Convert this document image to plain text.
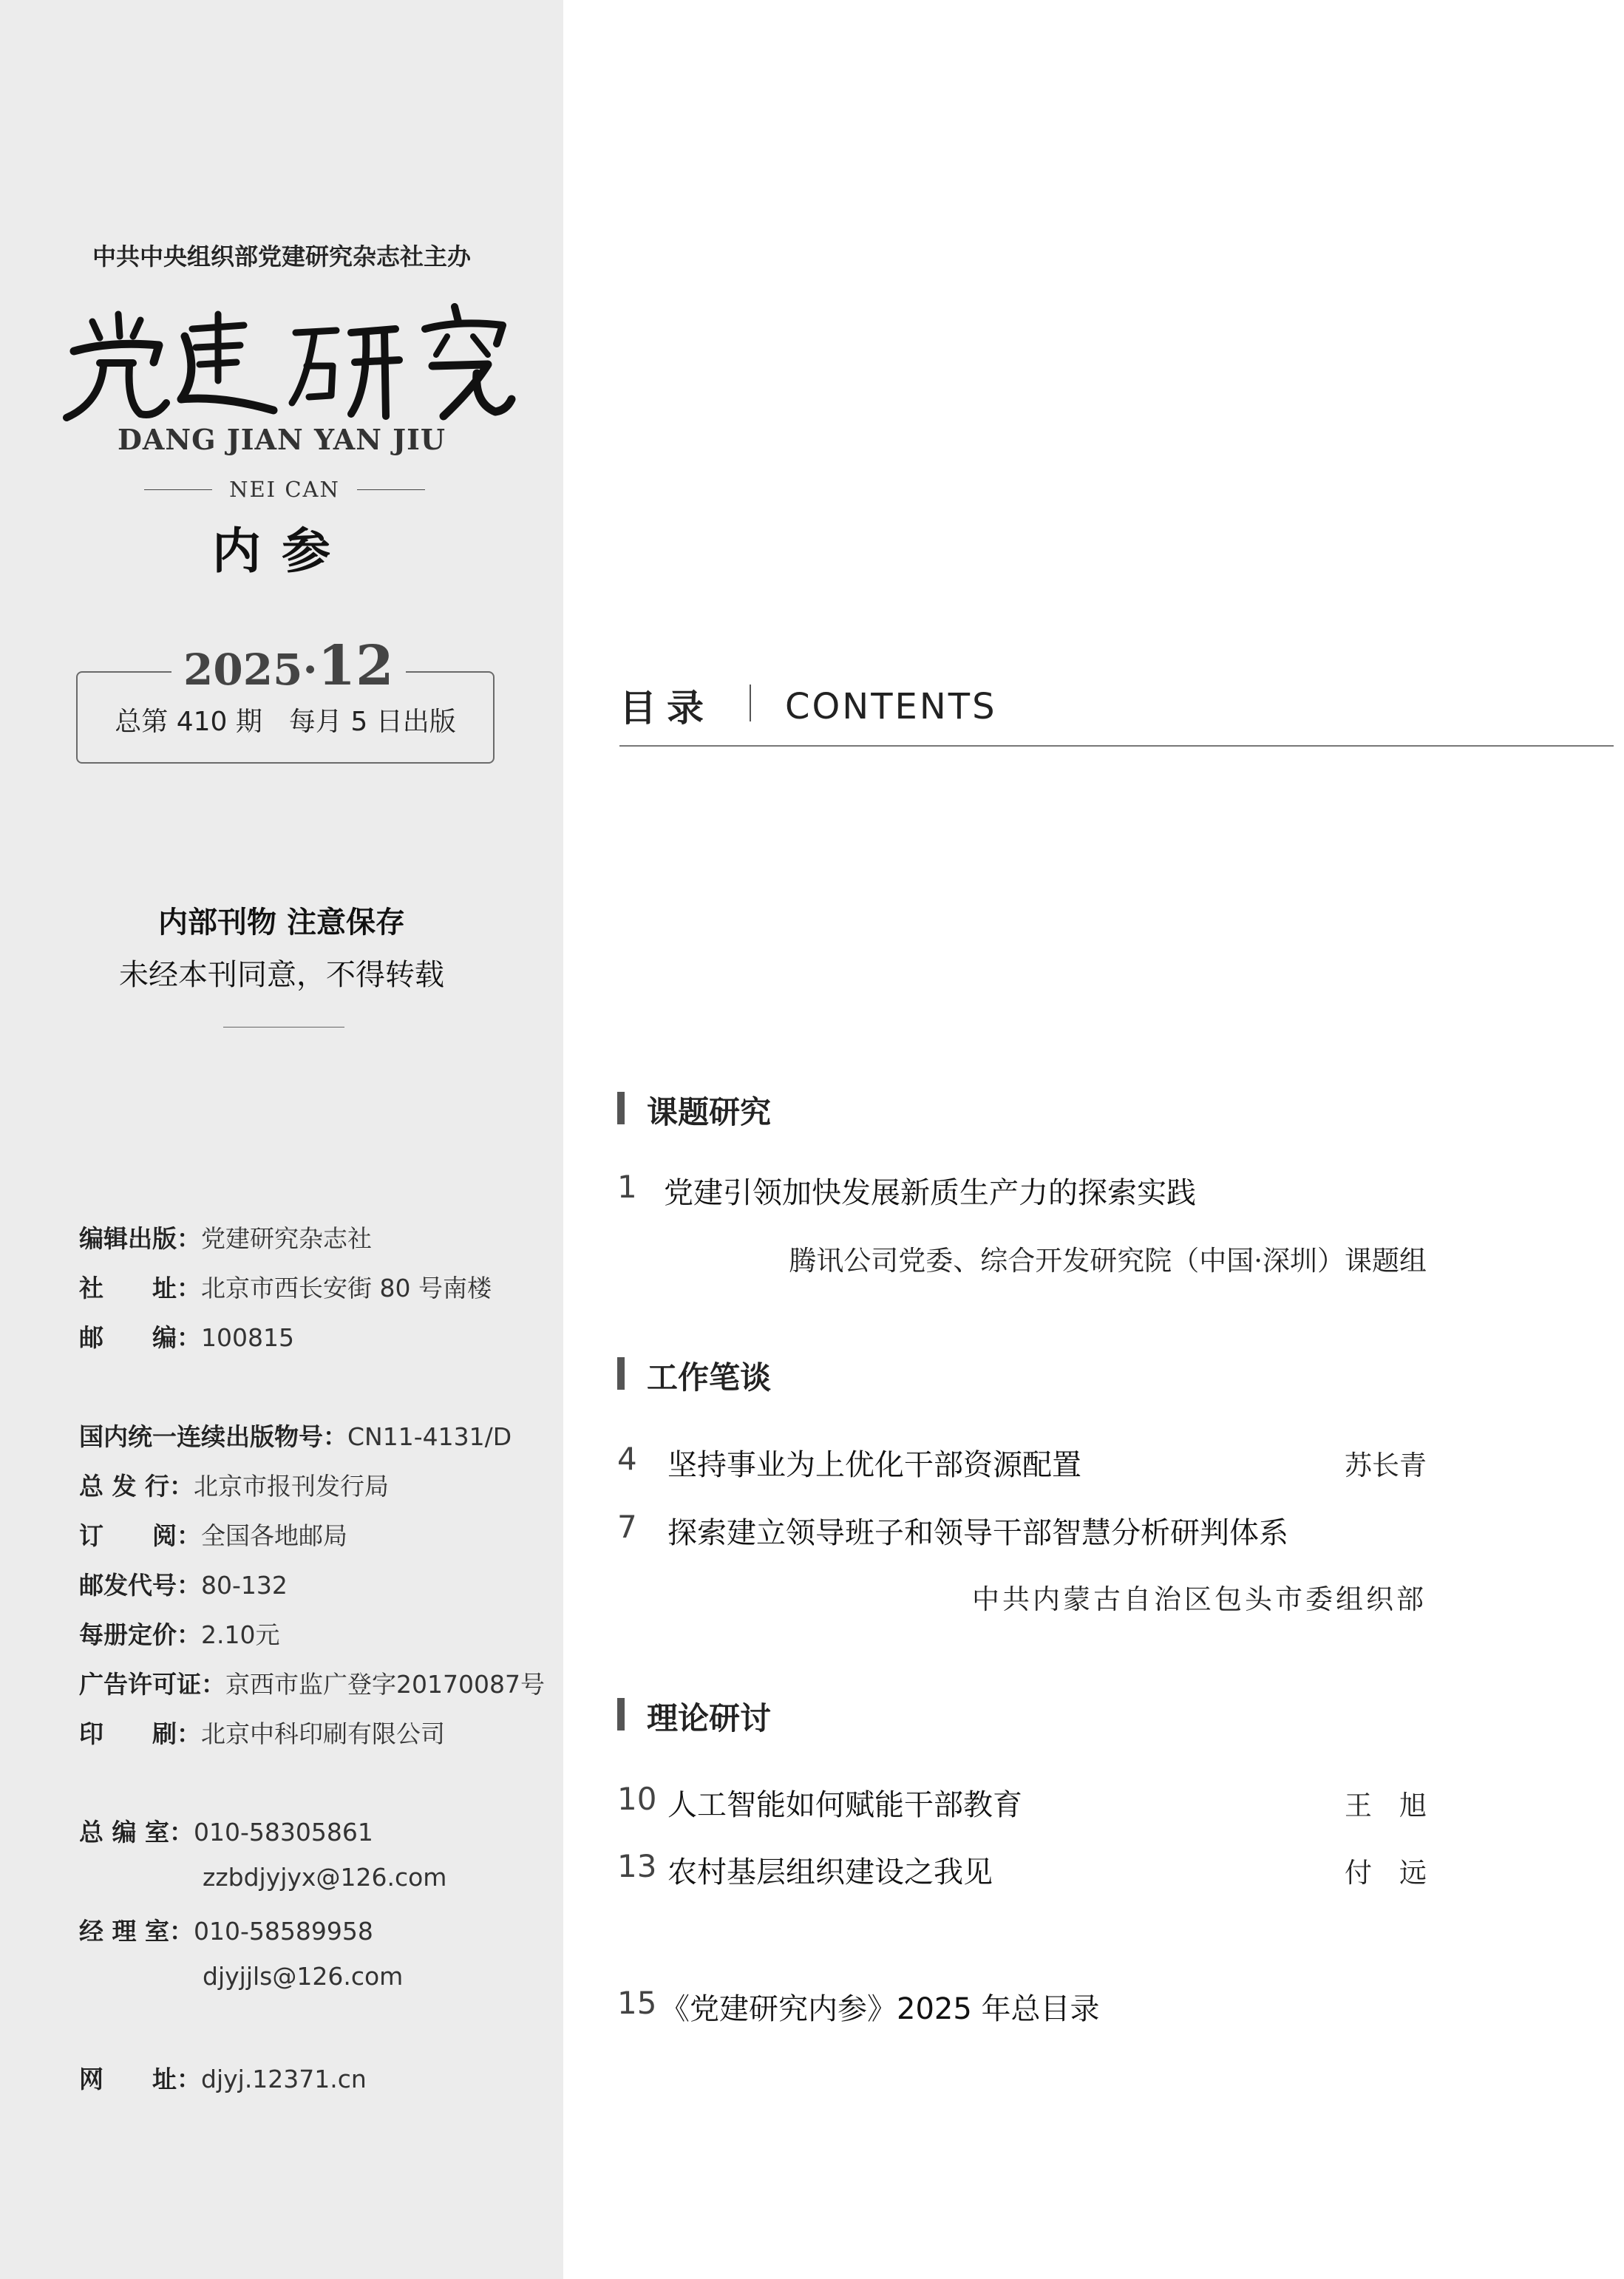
中共中央组织部党建研究杂志社主办
DANG JIAN YAN JIU
NEI CAN
内参
2025·12
总第 410 期　每月 5 日出版
内部刊物 注意保存
未经本刊同意，不得转载
编辑出版：党建研究杂志社
社　　址：北京市西长安街 80 号南楼
邮　　编：100815
国内统一连续出版物号：CN11-4131/D
总 发 行：北京市报刊发行局
订　　阅：全国各地邮局
邮发代号：80-132
每册定价：2.10元
广告许可证：京西市监广登字20170087号
印　　刷：北京中科印刷有限公司
总 编 室：010-58305861
zzbdjyjyx@126.com
经 理 室：010-58589958
djyjjls@126.com
网　　址：djyj.12371.cn
目录 CONTENTS
课题研究
1 党建引领加快发展新质生产力的探索实践
腾讯公司党委、综合开发研究院（中国·深圳）课题组
工作笔谈
4 坚持事业为上优化干部资源配置	苏长青
7 探索建立领导班子和领导干部智慧分析研判体系
中共内蒙古自治区包头市委组织部
理论研讨
10 人工智能如何赋能干部教育	王　旭
13 农村基层组织建设之我见	付　远
15 《党建研究内参》2025 年总目录
